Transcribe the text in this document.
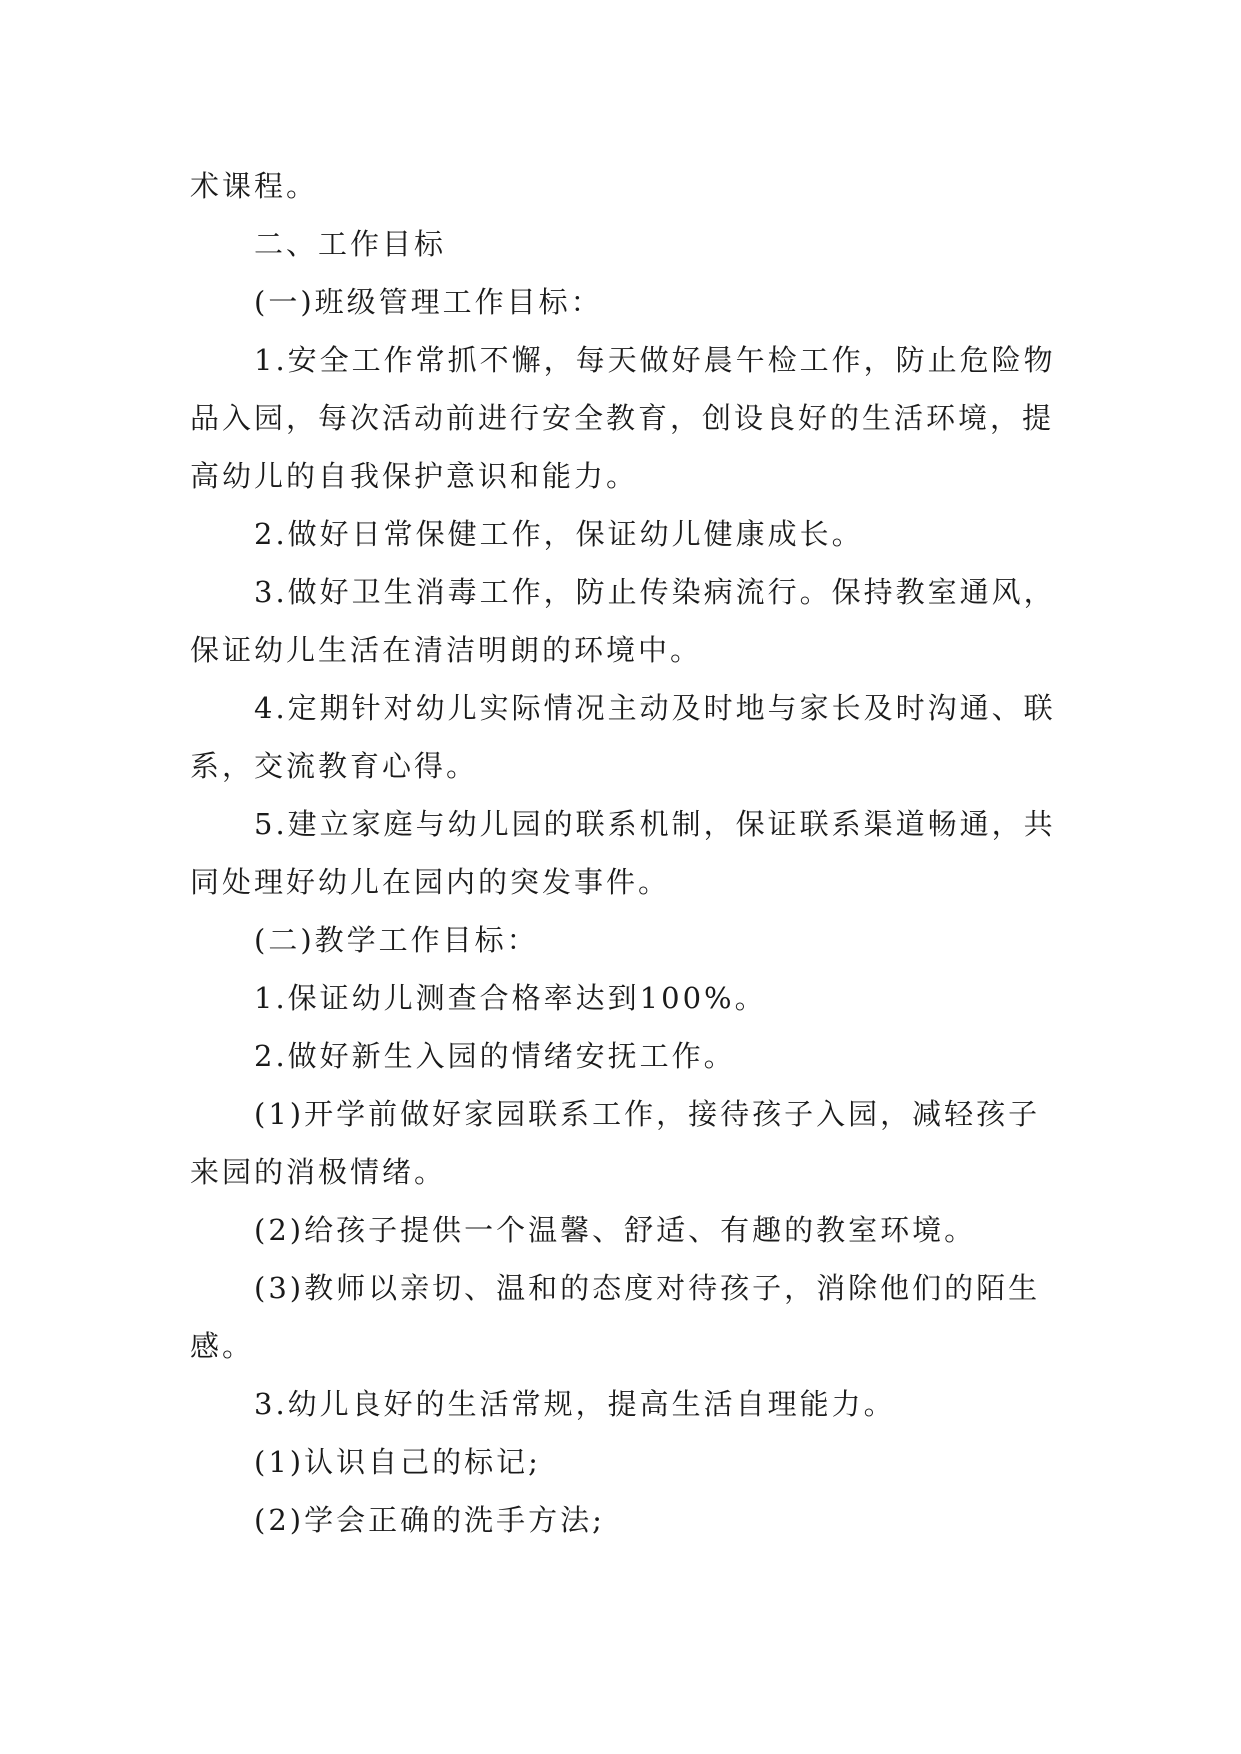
术课程。

二、工作目标

(一)班级管理工作目标：

1.安全工作常抓不懈，每天做好晨午检工作，防止危险物品入园，每次活动前进行安全教育，创设良好的生活环境，提高幼儿的自我保护意识和能力。

2.做好日常保健工作，保证幼儿健康成长。

3.做好卫生消毒工作，防止传染病流行。保持教室通风，保证幼儿生活在清洁明朗的环境中。

4.定期针对幼儿实际情况主动及时地与家长及时沟通、联系，交流教育心得。

5.建立家庭与幼儿园的联系机制，保证联系渠道畅通，共同处理好幼儿在园内的突发事件。

(二)教学工作目标：

1.保证幼儿测查合格率达到100%。

2.做好新生入园的情绪安抚工作。

(1)开学前做好家园联系工作，接待孩子入园，减轻孩子来园的消极情绪。

(2)给孩子提供一个温馨、舒适、有趣的教室环境。

(3)教师以亲切、温和的态度对待孩子，消除他们的陌生感。

3.幼儿良好的生活常规，提高生活自理能力。

(1)认识自己的标记;

(2)学会正确的洗手方法;
